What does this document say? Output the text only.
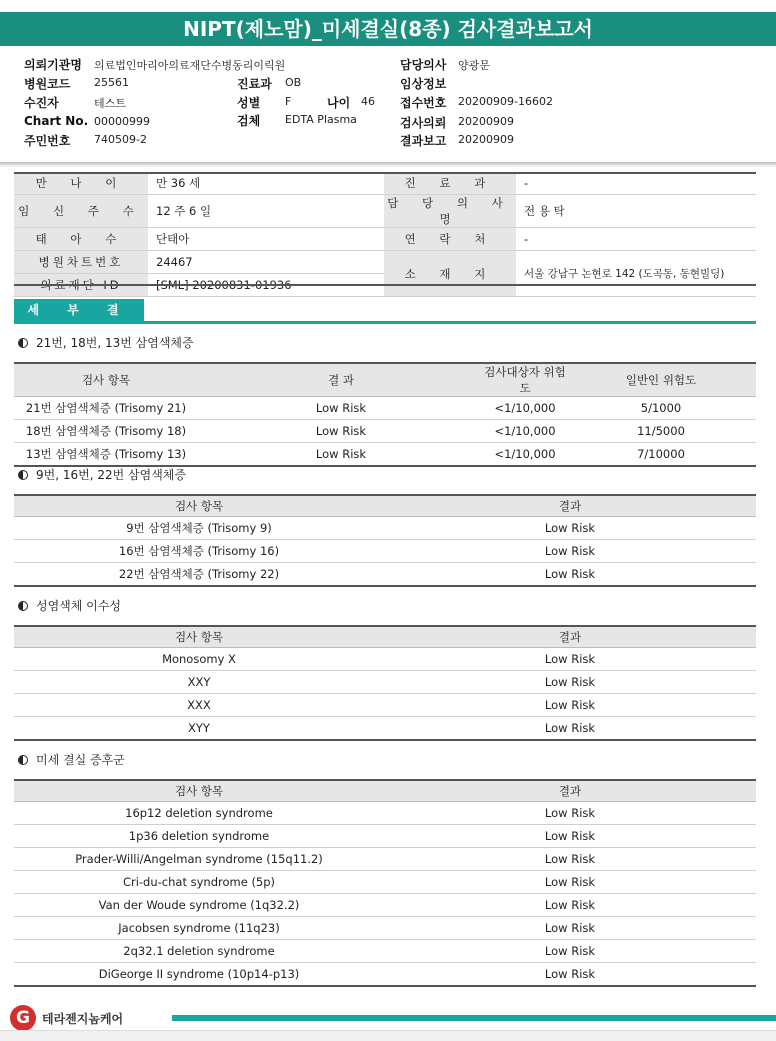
NIPT(제노맘)_미세결실(8종) 검사결과보고서
의뢰기관명 의료법인마리아의료재단수병동리이릭원
병원코드 25561	진료과 OB
수진자	테스트	성별 F	나이 46
Chart No. 00000999	검체 EDTA Plasma
주민번호 740509-2
담당의사 양광문
임상정보
접수번호 20200909-16602
검사의뢰 20200909
결과보고 20200909
만 나 이	만 36 세	진 료 과	-
임 신 주 수	12 주 6 일	담 당 의 사 명	전 용 탁
태 아 수	단태아	연 락 처	-
병원차트번호	24467	소 재 지	서울 강남구 논현로 142 (도곡동, 동현빌딩)
의료재단 ID	[SML] 20200831-01936		
세 부 결 과
21번, 18번, 13번 삼염색체증
검사 항목	결 과	검사대상자 위험도	일반인 위험도
21번 삼염색체증 (Trisomy 21)	Low Risk	<1/10,000	5/1000
18번 삼염색체증 (Trisomy 18)	Low Risk	<1/10,000	11/5000
13번 삼염색체증 (Trisomy 13)	Low Risk	<1/10,000	7/10000
9번, 16번, 22번 삼염색체증
검사 항목	결과
9번 삼염색체증 (Trisomy 9)	Low Risk
16번 삼염색체증 (Trisomy 16)	Low Risk
22번 삼염색체증 (Trisomy 22)	Low Risk
성염색체 이수성
검사 항목	결과
Monosomy X	Low Risk
XXY	Low Risk
XXX	Low Risk
XYY	Low Risk
미세 결실 증후군
검사 항목	결과
16p12 deletion syndrome	Low Risk
1p36 deletion syndrome	Low Risk
Prader-Willi/Angelman syndrome (15q11.2)	Low Risk
Cri-du-chat syndrome (5p)	Low Risk
Van der Woude syndrome (1q32.2)	Low Risk
Jacobsen syndrome (11q23)	Low Risk
2q32.1 deletion syndrome	Low Risk
DiGeorge II syndrome (10p14-p13)	Low Risk
G	테라젠지놈케어
